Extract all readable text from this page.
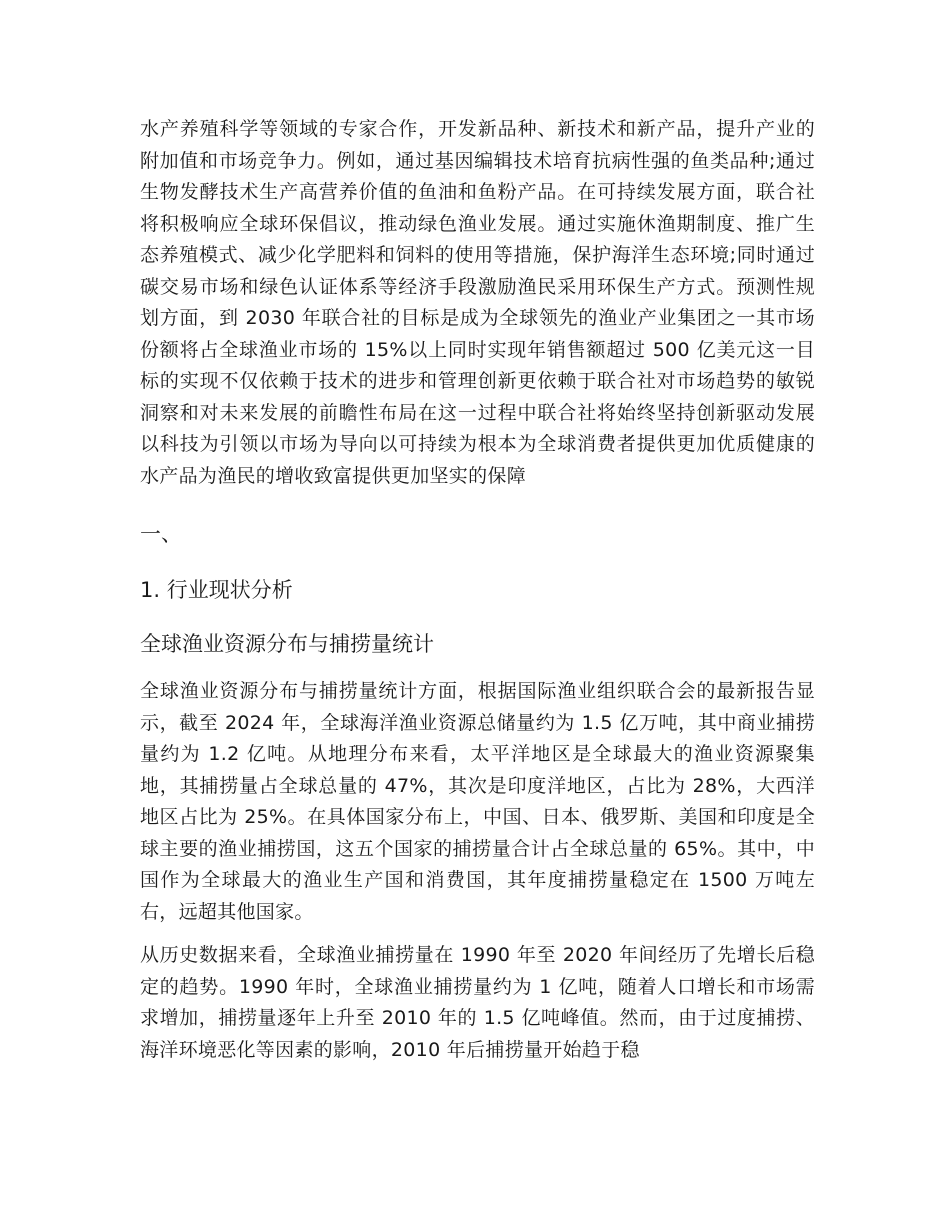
水产养殖科学等领域的专家合作，开发新品种、新技术和新产品，提升产业的附加值和市场竞争力。例如，通过基因编辑技术培育抗病性强的鱼类品种;通过生物发酵技术生产高营养价值的鱼油和鱼粉产品。在可持续发展方面，联合社将积极响应全球环保倡议，推动绿色渔业发展。通过实施休渔期制度、推广生态养殖模式、减少化学肥料和饲料的使用等措施，保护海洋生态环境;同时通过碳交易市场和绿色认证体系等经济手段激励渔民采用环保生产方式。预测性规划方面，到 2030 年联合社的目标是成为全球领先的渔业产业集团之一其市场份额将占全球渔业市场的 15%以上同时实现年销售额超过 500 亿美元这一目标的实现不仅依赖于技术的进步和管理创新更依赖于联合社对市场趋势的敏锐洞察和对未来发展的前瞻性布局在这一过程中联合社将始终坚持创新驱动发展以科技为引领以市场为导向以可持续为根本为全球消费者提供更加优质健康的水产品为渔民的增收致富提供更加坚实的保障

一、
1. 行业现状分析
全球渔业资源分布与捕捞量统计

全球渔业资源分布与捕捞量统计方面，根据国际渔业组织联合会的最新报告显示，截至 2024 年，全球海洋渔业资源总储量约为 1.5 亿万吨，其中商业捕捞量约为 1.2 亿吨。从地理分布来看，太平洋地区是全球最大的渔业资源聚集地，其捕捞量占全球总量的 47%，其次是印度洋地区，占比为 28%，大西洋地区占比为 25%。在具体国家分布上，中国、日本、俄罗斯、美国和印度是全球主要的渔业捕捞国，这五个国家的捕捞量合计占全球总量的 65%。其中，中国作为全球最大的渔业生产国和消费国，其年度捕捞量稳定在 1500 万吨左右，远超其他国家。

从历史数据来看，全球渔业捕捞量在 1990 年至 2020 年间经历了先增长后稳定的趋势。1990 年时，全球渔业捕捞量约为 1 亿吨，随着人口增长和市场需求增加，捕捞量逐年上升至 2010 年的 1.5 亿吨峰值。然而，由于过度捕捞、海洋环境恶化等因素的影响，2010 年后捕捞量开始趋于稳
